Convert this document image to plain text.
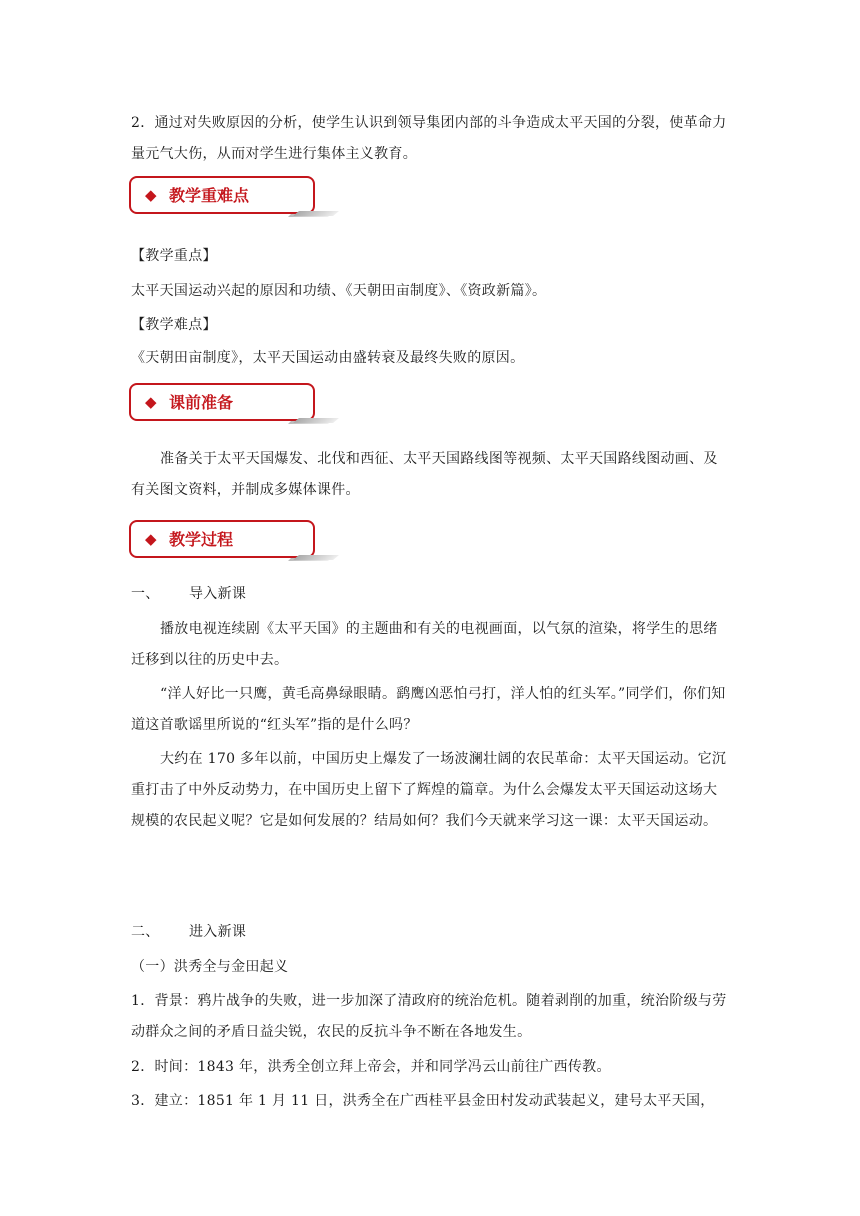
2．通过对失败原因的分析，使学生认识到领导集团内部的斗争造成太平天国的分裂，使革命力量元气大伤，从而对学生进行集体主义教育。

◆ 教学重难点

【教学重点】

太平天国运动兴起的原因和功绩、《天朝田亩制度》、《资政新篇》。

【教学难点】

《天朝田亩制度》，太平天国运动由盛转衰及最终失败的原因。

◆ 课前准备

准备关于太平天国爆发、北伐和西征、太平天国路线图等视频、太平天国路线图动画、及有关图文资料，并制成多媒体课件。

◆ 教学过程

一、 导入新课

播放电视连续剧《太平天国》的主题曲和有关的电视画面，以气氛的渲染，将学生的思绪迁移到以往的历史中去。

“洋人好比一只鹰，黄毛高鼻绿眼睛。鹞鹰凶恶怕弓打，洋人怕的红头军。”同学们，你们知道这首歌谣里所说的“红头军”指的是什么吗？

大约在 170 多年以前，中国历史上爆发了一场波澜壮阔的农民革命：太平天国运动。它沉重打击了中外反动势力，在中国历史上留下了辉煌的篇章。为什么会爆发太平天国运动这场大规模的农民起义呢？它是如何发展的？结局如何？我们今天就来学习这一课：太平天国运动。

二、 进入新课

（一）洪秀全与金田起义

1．背景：鸦片战争的失败，进一步加深了清政府的统治危机。随着剥削的加重，统治阶级与劳动群众之间的矛盾日益尖锐，农民的反抗斗争不断在各地发生。

2．时间：1843 年，洪秀全创立拜上帝会，并和同学冯云山前往广西传教。

3．建立：1851 年 1 月 11 日，洪秀全在广西桂平县金田村发动武装起义，建号太平天国，
